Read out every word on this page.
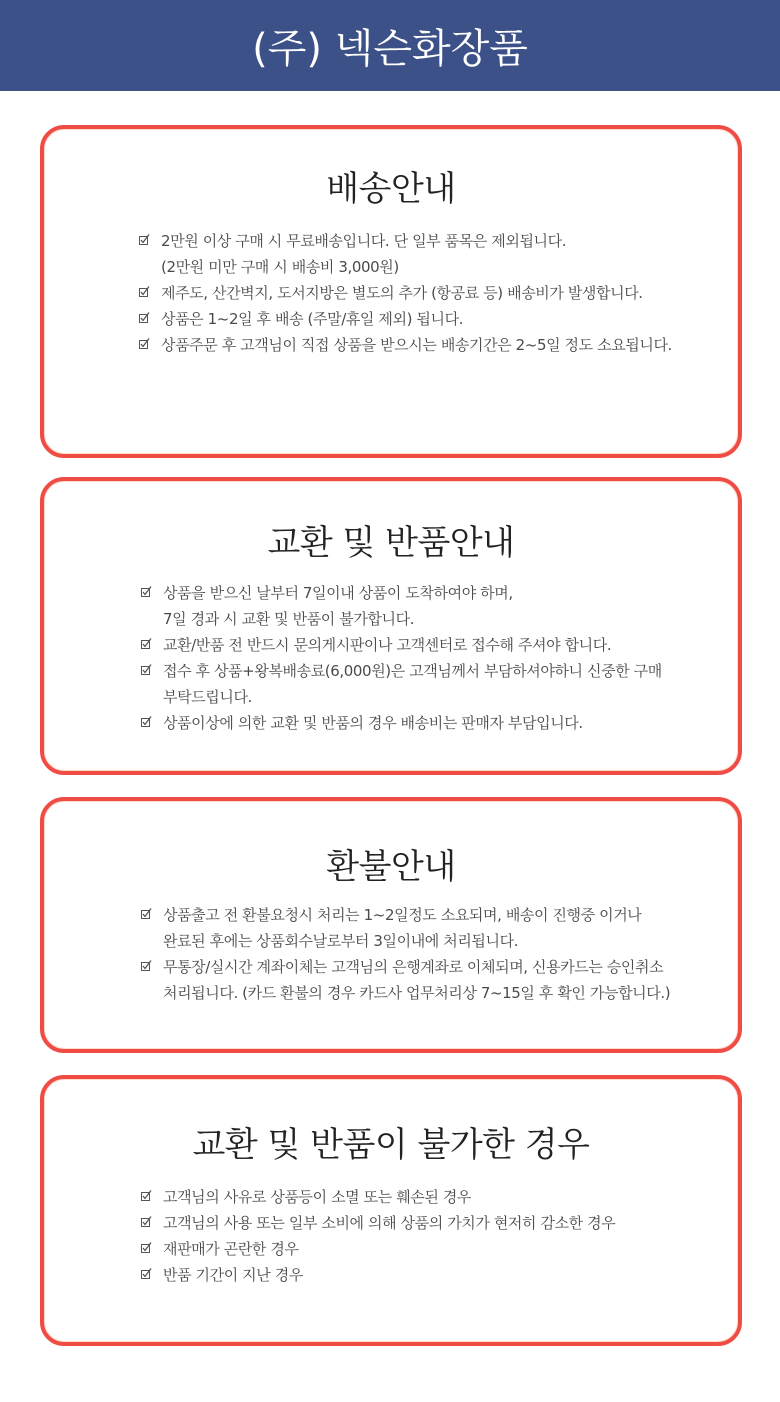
(주) 넥슨화장품
배송안내
2만원 이상 구매 시 무료배송입니다. 단 일부 품목은 제외됩니다.
(2만원 미만 구매 시 배송비 3,000원)
제주도, 산간벽지, 도서지방은 별도의 추가 (항공료 등) 배송비가 발생합니다.
상품은 1~2일 후 배송 (주말/휴일 제외) 됩니다.
상품주문 후 고객님이 직접 상품을 받으시는 배송기간은 2~5일 정도 소요됩니다.
교환 및 반품안내
상품을 받으신 날부터 7일이내 상품이 도착하여야 하며,
7일 경과 시 교환 및 반품이 불가합니다.
교환/반품 전 반드시 문의게시판이나 고객센터로 접수해 주셔야 합니다.
접수 후 상품+왕복배송료(6,000원)은 고객님께서 부담하셔야하니 신중한 구매
부탁드립니다.
상품이상에 의한 교환 및 반품의 경우 배송비는 판매자 부담입니다.
환불안내
상품출고 전 환불요청시 처리는 1~2일정도 소요되며, 배송이 진행중 이거나
완료된 후에는 상품회수날로부터 3일이내에 처리됩니다.
무통장/실시간 계좌이체는 고객님의 은행계좌로 이체되며, 신용카드는 승인취소
처리됩니다. (카드 환불의 경우 카드사 업무처리상 7~15일 후 확인 가능합니다.)
교환 및 반품이 불가한 경우
고객님의 사유로 상품등이 소멸 또는 훼손된 경우
고객님의 사용 또는 일부 소비에 의해 상품의 가치가 현저히 감소한 경우
재판매가 곤란한 경우
반품 기간이 지난 경우
